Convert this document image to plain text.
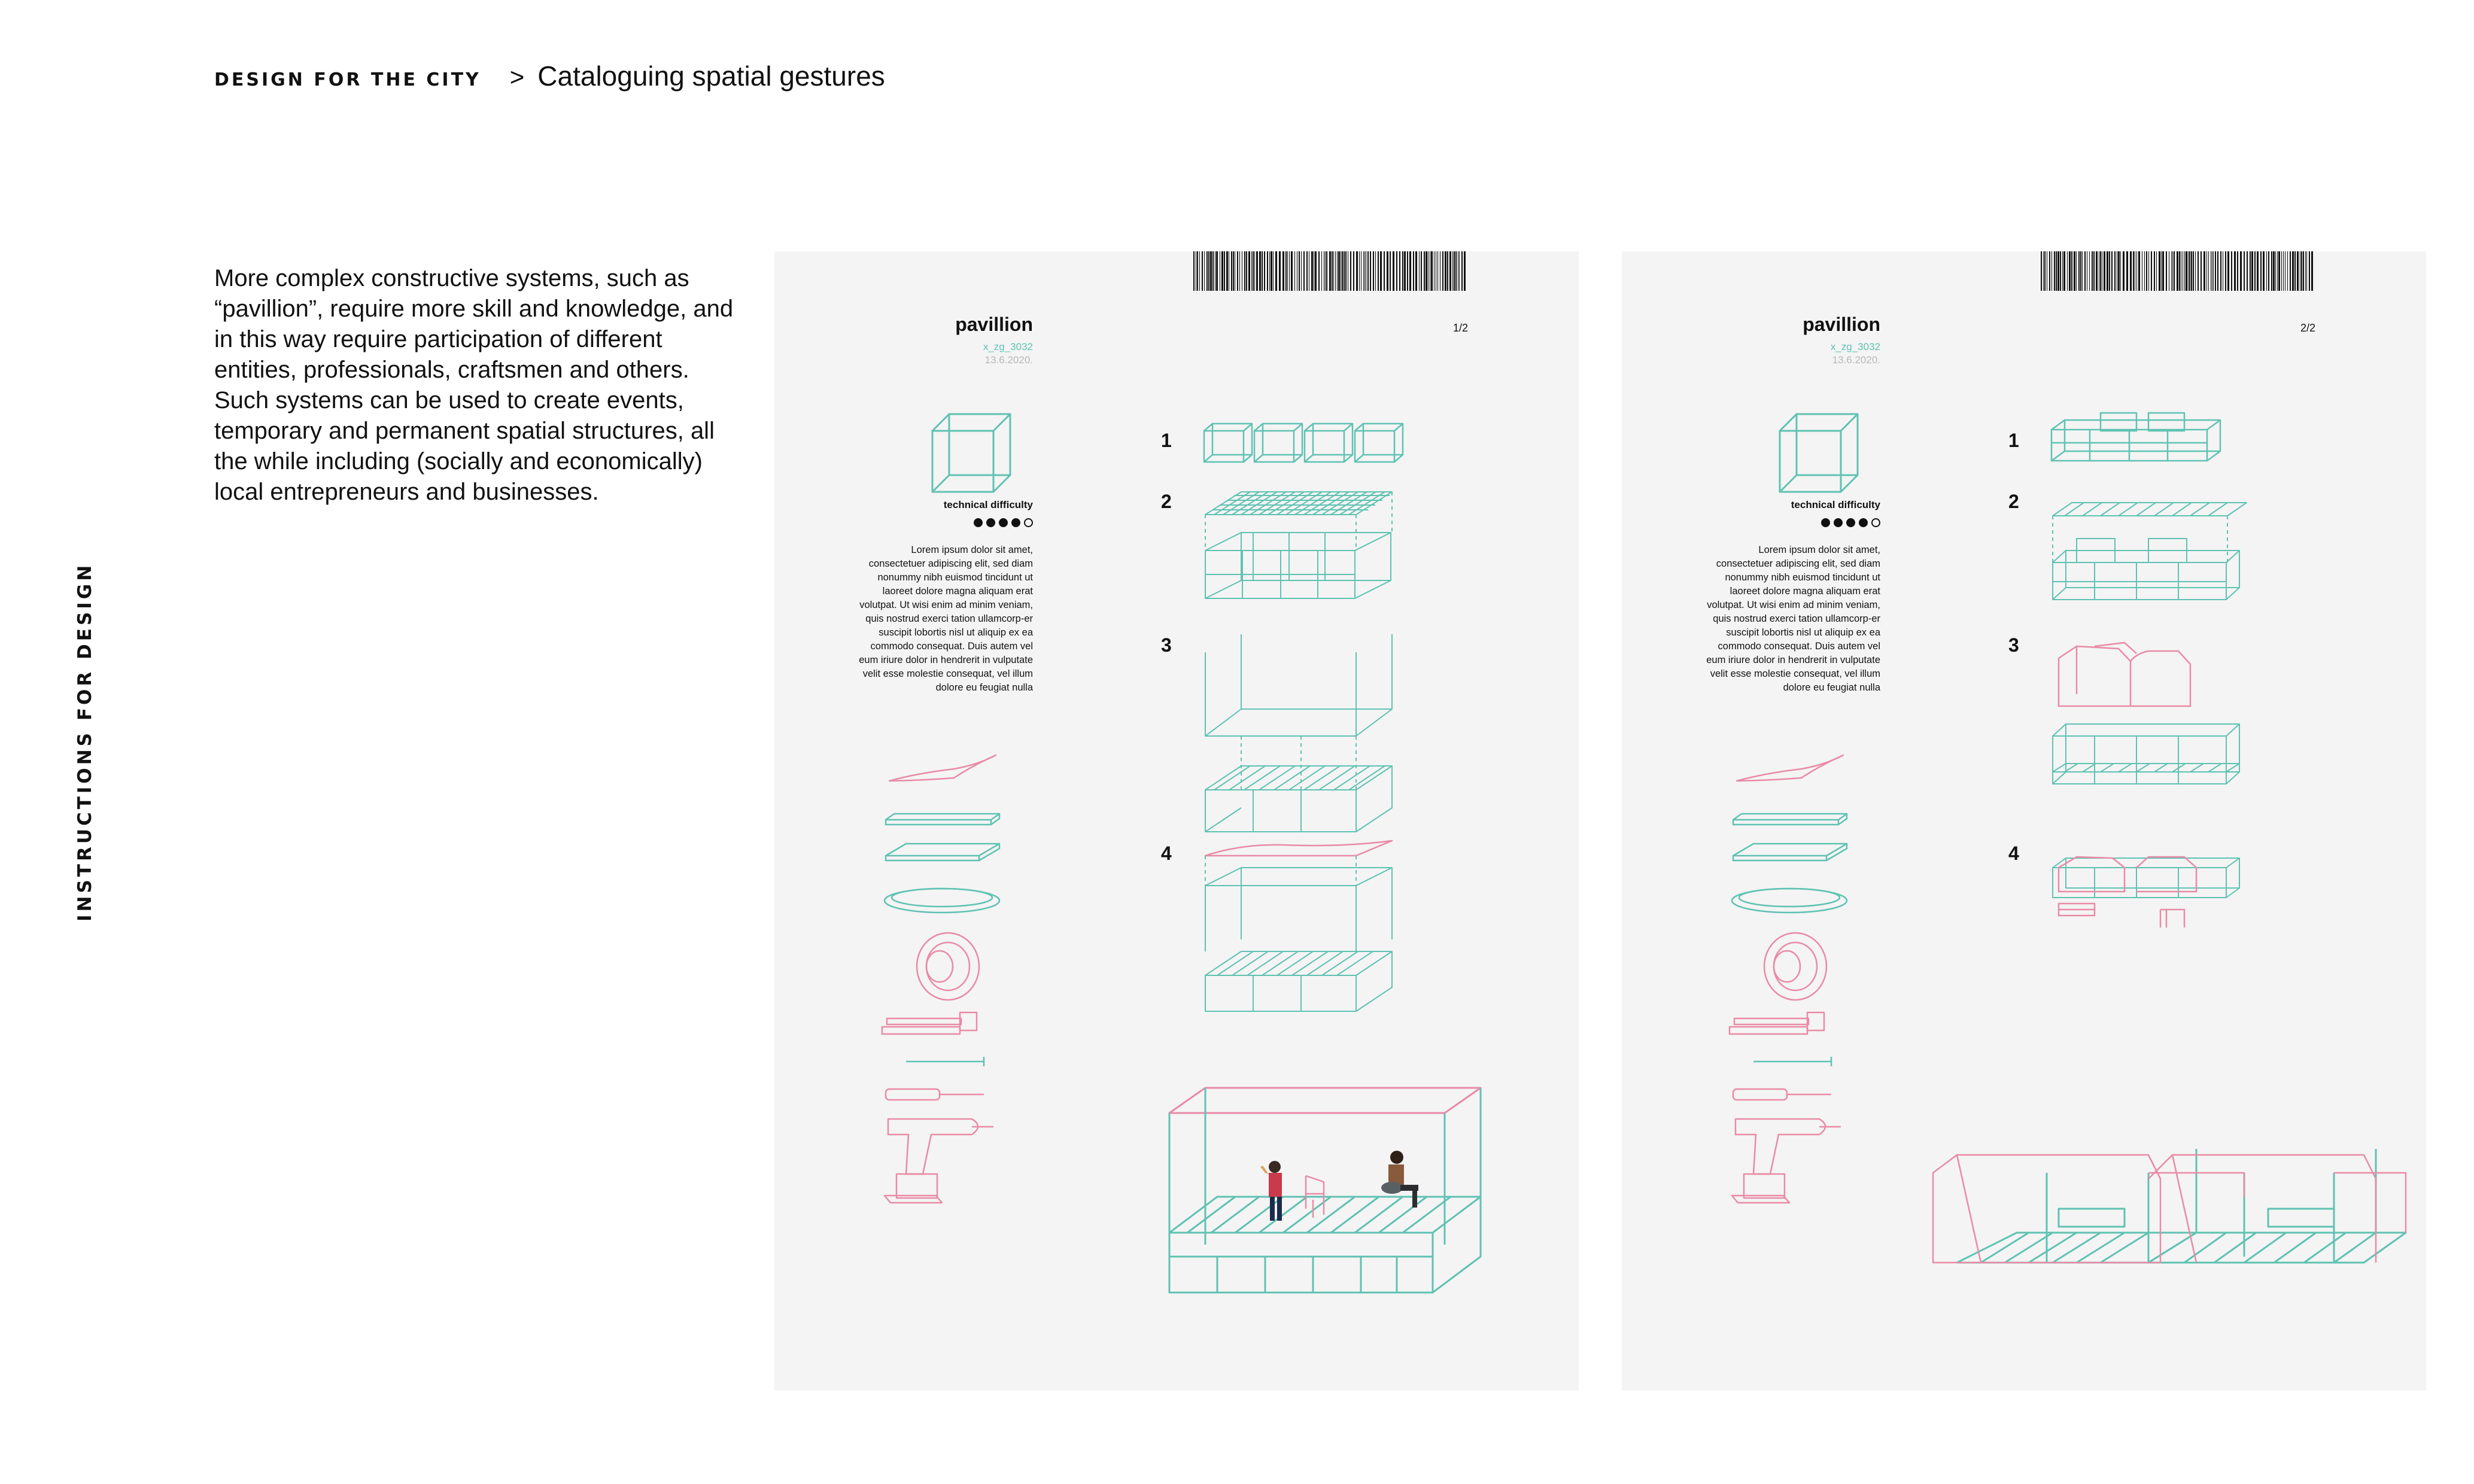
DESIGN FOR THE CITY > Cataloguing spatial gestures
INSTRUCTIONS FOR DESIGN

More complex constructive systems, such as “pavillion”, require more skill and knowledge, and in this way require participation of different entities, professionals, craftsmen and others. Such systems can be used to create events, temporary and permanent spatial structures, all the while including (socially and economically) local entrepreneurs and businesses.

pavillion
x_zg_3032
13.6.2020.
1/2
technical difficulty

Lorem ipsum dolor sit amet, consectetuer adipiscing elit, sed diam nonummy nibh euismod tincidunt ut laoreet dolore magna aliquam erat volutpat. Ut wisi enim ad minim veniam, quis nostrud exerci tation ullamcorp-er suscipit lobortis nisl ut aliquip ex ea commodo consequat. Duis autem vel eum iriure dolor in hendrerit in vulputate velit esse molestie consequat, vel illum dolore eu feugiat nulla

1
2
3
4
pavillion
x_zg_3032
13.6.2020.
2/2
technical difficulty

Lorem ipsum dolor sit amet, consectetuer adipiscing elit, sed diam nonummy nibh euismod tincidunt ut laoreet dolore magna aliquam erat volutpat. Ut wisi enim ad minim veniam, quis nostrud exerci tation ullamcorp-er suscipit lobortis nisl ut aliquip ex ea commodo consequat. Duis autem vel eum iriure dolor in hendrerit in vulputate velit esse molestie consequat, vel illum dolore eu feugiat nulla

1
2
3
4
